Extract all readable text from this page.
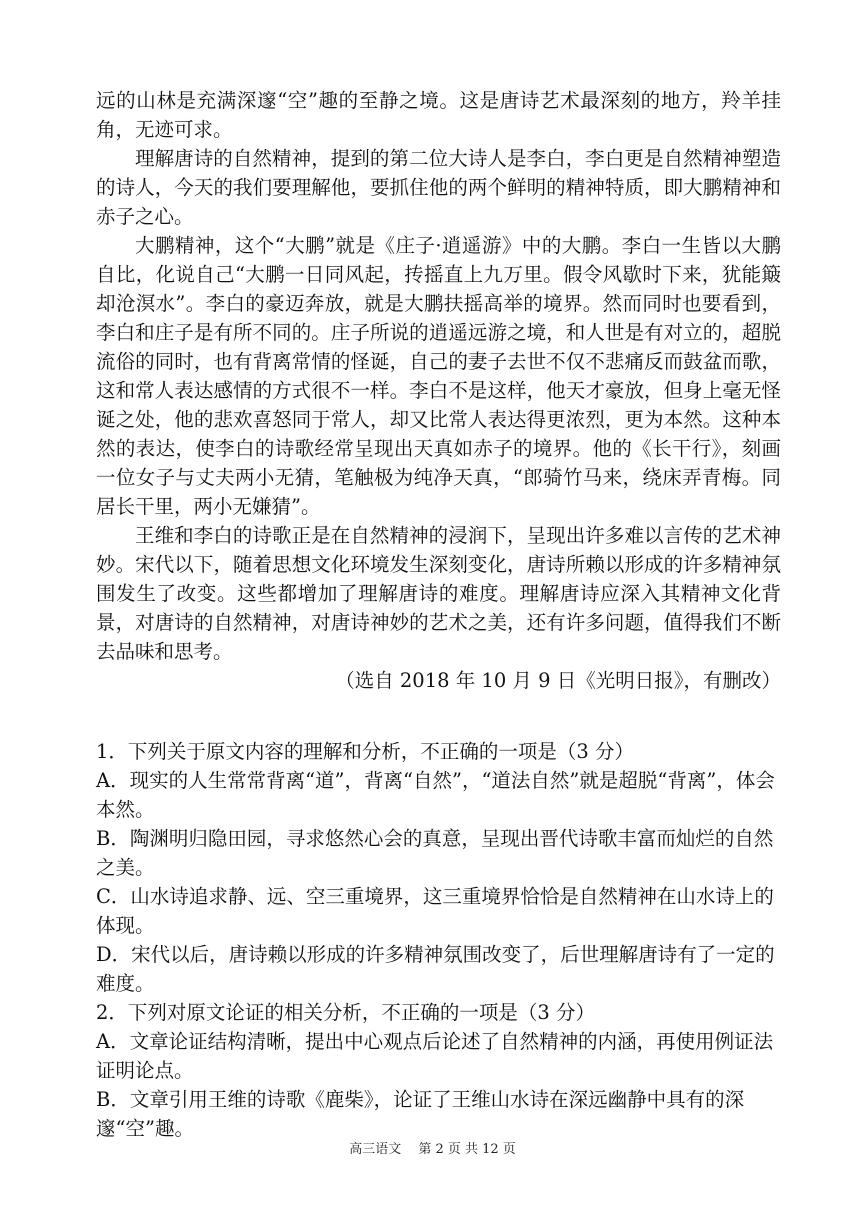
远的山林是充满深邃“空”趣的至静之境。这是唐诗艺术最深刻的地方，羚羊挂角，无迹可求。

理解唐诗的自然精神，提到的第二位大诗人是李白，李白更是自然精神塑造的诗人，今天的我们要理解他，要抓住他的两个鲜明的精神特质，即大鹏精神和赤子之心。

大鹏精神，这个“大鹏”就是《庄子·逍遥游》中的大鹏。李白一生皆以大鹏自比，化说自己“大鹏一日同风起，抟摇直上九万里。假令风歇时下来，犹能簸却沧溟水”。李白的豪迈奔放，就是大鹏扶摇高举的境界。然而同时也要看到，李白和庄子是有所不同的。庄子所说的逍遥远游之境，和人世是有对立的，超脱流俗的同时，也有背离常情的怪诞，自己的妻子去世不仅不悲痛反而鼓盆而歌，这和常人表达感情的方式很不一样。李白不是这样，他天才豪放，但身上毫无怪诞之处，他的悲欢喜怒同于常人，却又比常人表达得更浓烈，更为本然。这种本然的表达，使李白的诗歌经常呈现出天真如赤子的境界。他的《长干行》，刻画一位女子与丈夫两小无猜，笔触极为纯净天真，“郎骑竹马来，绕床弄青梅。同居长干里，两小无嫌猜”。

王维和李白的诗歌正是在自然精神的浸润下，呈现出许多难以言传的艺术神妙。宋代以下，随着思想文化环境发生深刻变化，唐诗所赖以形成的许多精神氛围发生了改变。这些都增加了理解唐诗的难度。理解唐诗应深入其精神文化背景，对唐诗的自然精神，对唐诗神妙的艺术之美，还有许多问题，值得我们不断去品味和思考。

（选自 2018 年 10 月 9 日《光明日报》，有删改）

1．下列关于原文内容的理解和分析，不正确的一项是（3 分）

A．现实的人生常常背离“道”，背离“自然”，“道法自然”就是超脱“背离”，体会本然。

B．陶渊明归隐田园，寻求悠然心会的真意，呈现出晋代诗歌丰富而灿烂的自然之美。

C．山水诗追求静、远、空三重境界，这三重境界恰恰是自然精神在山水诗上的体现。

D．宋代以后，唐诗赖以形成的许多精神氛围改变了，后世理解唐诗有了一定的难度。

2．下列对原文论证的相关分析，不正确的一项是（3 分）

A．文章论证结构清晰，提出中心观点后论述了自然精神的内涵，再使用例证法证明论点。

B．文章引用王维的诗歌《鹿柴》，论证了王维山水诗在深远幽静中具有的深邃“空”趣。

高三语文　 第 2 页 共 12 页
